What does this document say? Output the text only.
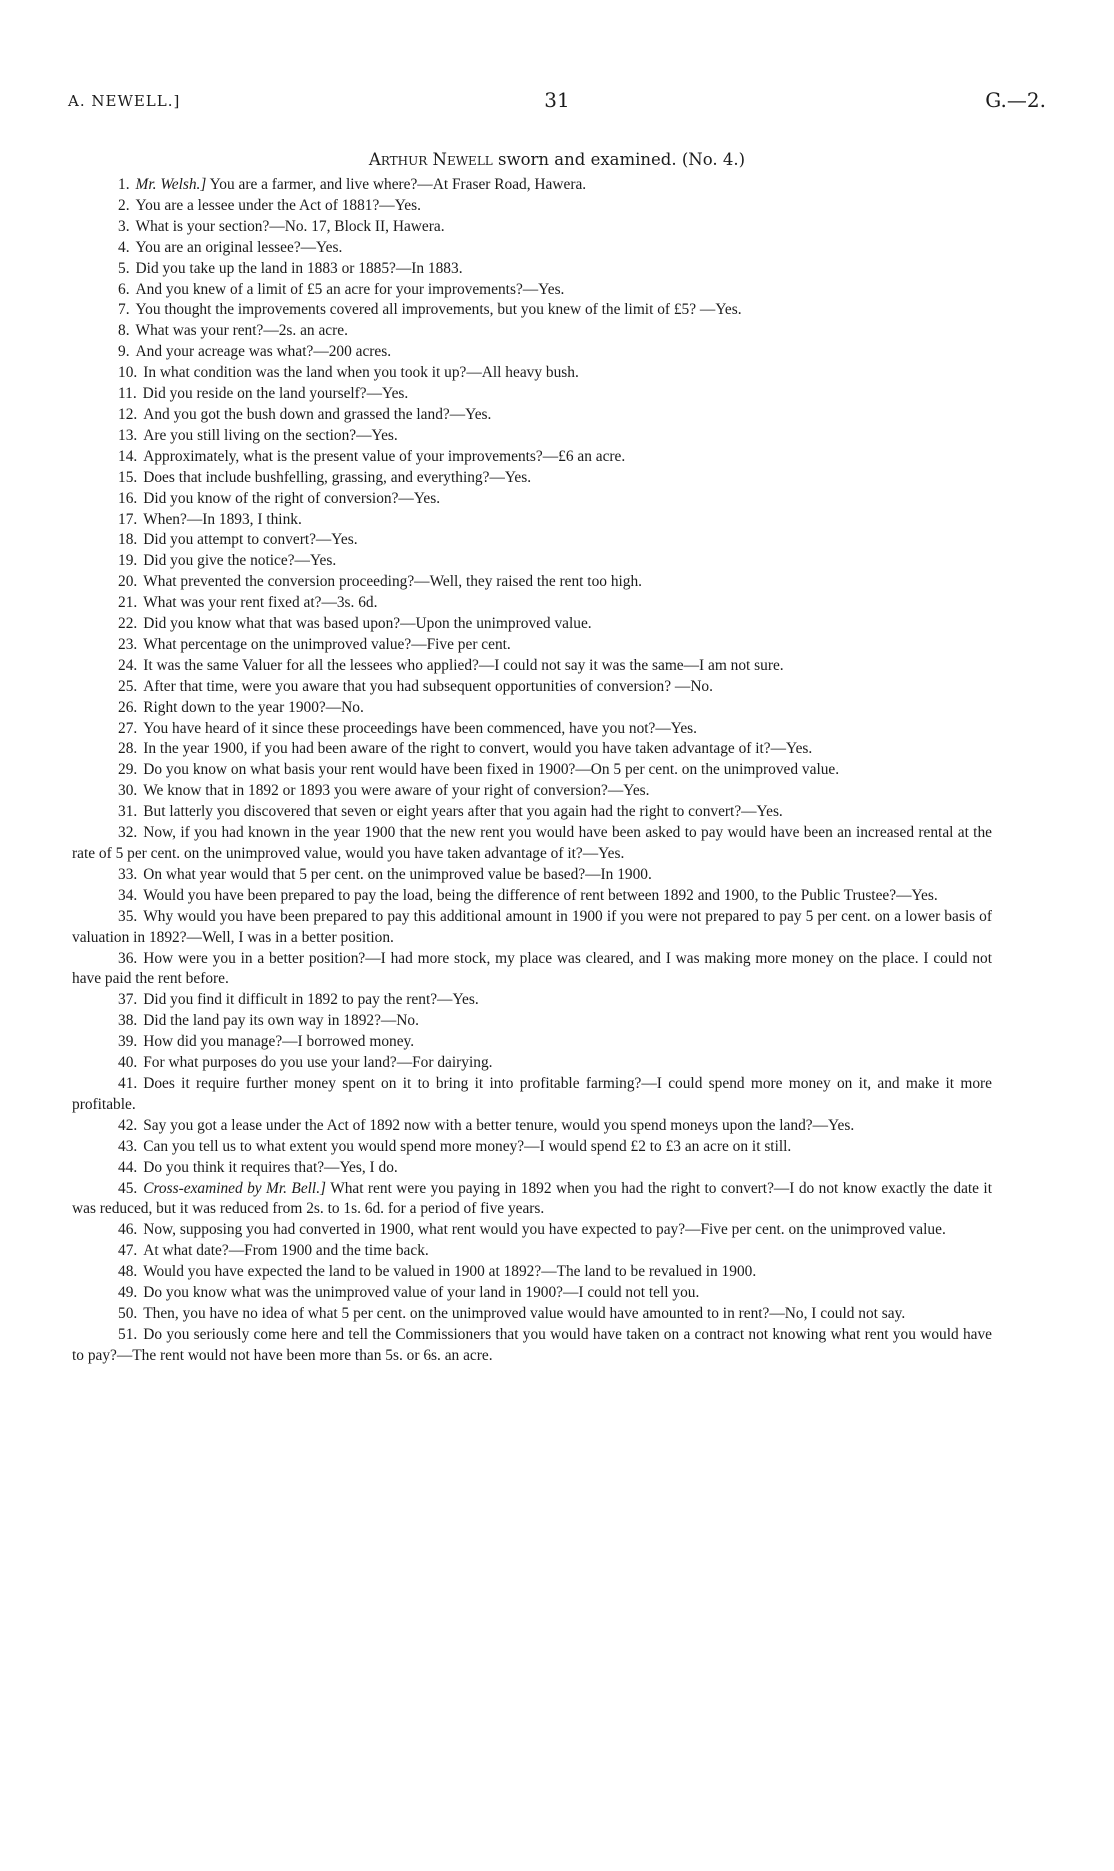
A. NEWELL.]	31	G.—2.
Arthur Newell sworn and examined. (No. 4.)

1. Mr. Welsh.] You are a farmer, and live where?—At Fraser Road, Hawera.

2. You are a lessee under the Act of 1881?—Yes.

3. What is your section?—No. 17, Block II, Hawera.

4. You are an original lessee?—Yes.

5. Did you take up the land in 1883 or 1885?—In 1883.

6. And you knew of a limit of £5 an acre for your improvements?—Yes.

7. You thought the improvements covered all improvements, but you knew of the limit of £5? —Yes.

8. What was your rent?—2s. an acre.

9. And your acreage was what?—200 acres.

10. In what condition was the land when you took it up?—All heavy bush.

11. Did you reside on the land yourself?—Yes.

12. And you got the bush down and grassed the land?—Yes.

13. Are you still living on the section?—Yes.

14. Approximately, what is the present value of your improvements?—£6 an acre.

15. Does that include bushfelling, grassing, and everything?—Yes.

16. Did you know of the right of conversion?—Yes.

17. When?—In 1893, I think.

18. Did you attempt to convert?—Yes.

19. Did you give the notice?—Yes.

20. What prevented the conversion proceeding?—Well, they raised the rent too high.

21. What was your rent fixed at?—3s. 6d.

22. Did you know what that was based upon?—Upon the unimproved value.

23. What percentage on the unimproved value?—Five per cent.

24. It was the same Valuer for all the lessees who applied?—I could not say it was the same—I am not sure.

25. After that time, were you aware that you had subsequent opportunities of conversion? —No.

26. Right down to the year 1900?—No.

27. You have heard of it since these proceedings have been commenced, have you not?—Yes.

28. In the year 1900, if you had been aware of the right to convert, would you have taken advantage of it?—Yes.

29. Do you know on what basis your rent would have been fixed in 1900?—On 5 per cent. on the unimproved value.

30. We know that in 1892 or 1893 you were aware of your right of conversion?—Yes.

31. But latterly you discovered that seven or eight years after that you again had the right to convert?—Yes.

32. Now, if you had known in the year 1900 that the new rent you would have been asked to pay would have been an increased rental at the rate of 5 per cent. on the unimproved value, would you have taken advantage of it?—Yes.

33. On what year would that 5 per cent. on the unimproved value be based?—In 1900.

34. Would you have been prepared to pay the load, being the difference of rent between 1892 and 1900, to the Public Trustee?—Yes.

35. Why would you have been prepared to pay this additional amount in 1900 if you were not prepared to pay 5 per cent. on a lower basis of valuation in 1892?—Well, I was in a better position.

36. How were you in a better position?—I had more stock, my place was cleared, and I was making more money on the place. I could not have paid the rent before.

37. Did you find it difficult in 1892 to pay the rent?—Yes.

38. Did the land pay its own way in 1892?—No.

39. How did you manage?—I borrowed money.

40. For what purposes do you use your land?—For dairying.

41. Does it require further money spent on it to bring it into profitable farming?—I could spend more money on it, and make it more profitable.

42. Say you got a lease under the Act of 1892 now with a better tenure, would you spend moneys upon the land?—Yes.

43. Can you tell us to what extent you would spend more money?—I would spend £2 to £3 an acre on it still.

44. Do you think it requires that?—Yes, I do.

45. Cross-examined by Mr. Bell.] What rent were you paying in 1892 when you had the right to convert?—I do not know exactly the date it was reduced, but it was reduced from 2s. to 1s. 6d. for a period of five years.

46. Now, supposing you had converted in 1900, what rent would you have expected to pay?—Five per cent. on the unimproved value.

47. At what date?—From 1900 and the time back.

48. Would you have expected the land to be valued in 1900 at 1892?—The land to be revalued in 1900.

49. Do you know what was the unimproved value of your land in 1900?—I could not tell you.

50. Then, you have no idea of what 5 per cent. on the unimproved value would have amounted to in rent?—No, I could not say.

51. Do you seriously come here and tell the Commissioners that you would have taken on a contract not knowing what rent you would have to pay?—The rent would not have been more than 5s. or 6s. an acre.
